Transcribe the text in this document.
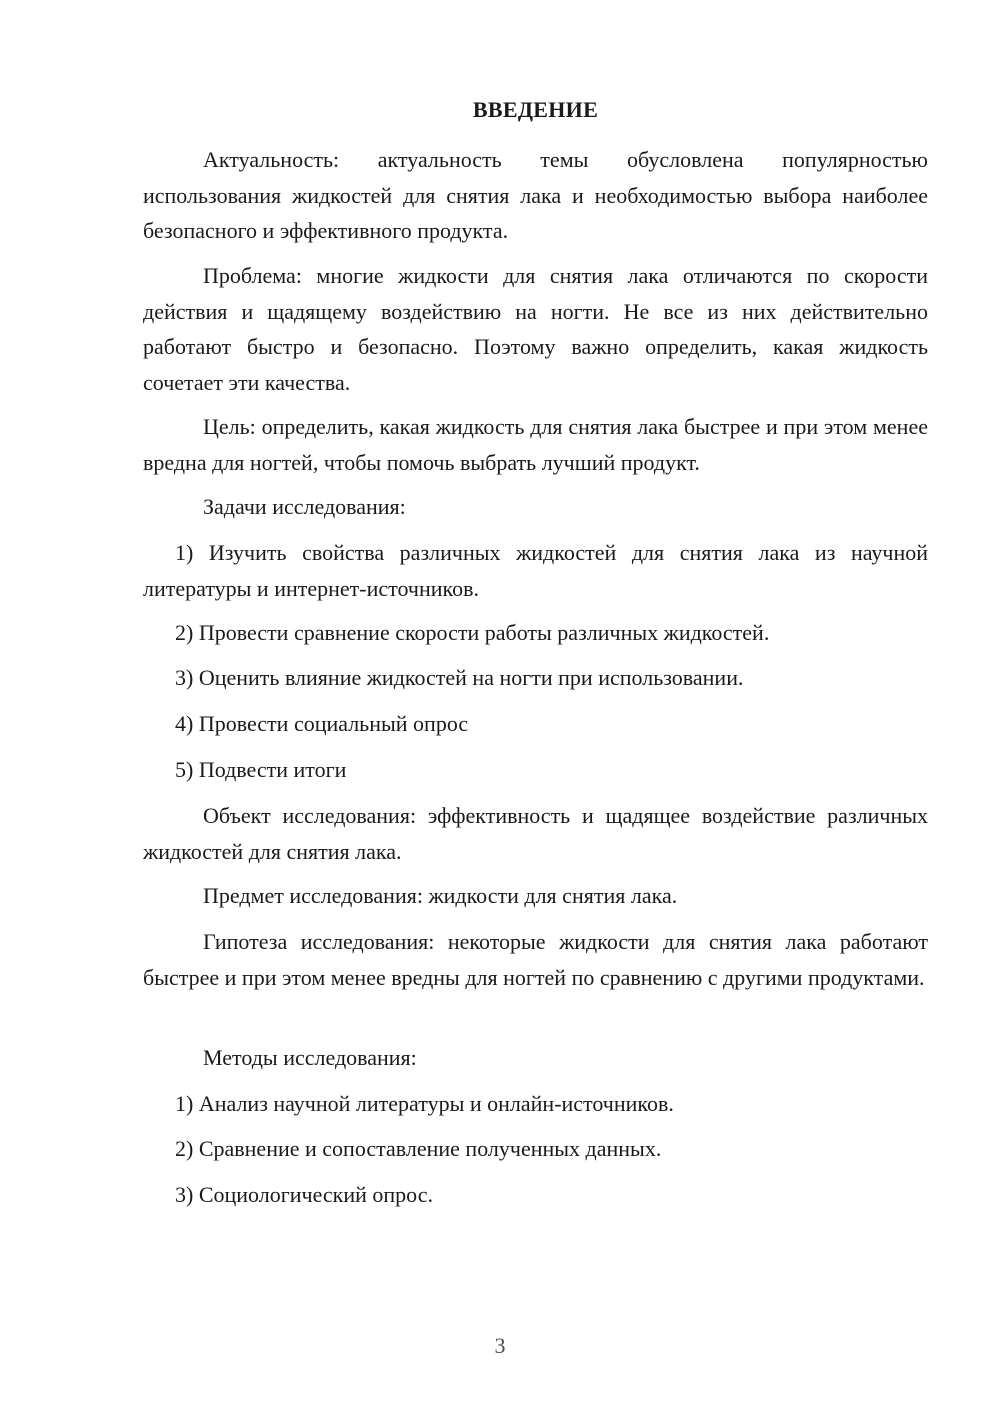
ВВЕДЕНИЕ

Актуальность: актуальность темы обусловлена популярностью использования жидкостей для снятия лака и необходимостью выбора наиболее безопасного и эффективного продукта.

Проблема: многие жидкости для снятия лака отличаются по скорости действия и щадящему воздействию на ногти. Не все из них действительно работают быстро и безопасно. Поэтому важно определить, какая жидкость сочетает эти качества.

Цель: определить, какая жидкость для снятия лака быстрее и при этом менее вредна для ногтей, чтобы помочь выбрать лучший продукт.

Задачи исследования:

1) Изучить свойства различных жидкостей для снятия лака из научной литературы и интернет-источников.

2) Провести сравнение скорости работы различных жидкостей.

3) Оценить влияние жидкостей на ногти при использовании.

4) Провести социальный опрос

5) Подвести итоги

Объект исследования: эффективность и щадящее воздействие различных жидкостей для снятия лака.

Предмет исследования: жидкости для снятия лака.

Гипотеза исследования: некоторые жидкости для снятия лака работают быстрее и при этом менее вредны для ногтей по сравнению с другими продуктами.

Методы исследования:

1) Анализ научной литературы и онлайн-источников.

2) Сравнение и сопоставление полученных данных.

3) Социологический опрос.

3
